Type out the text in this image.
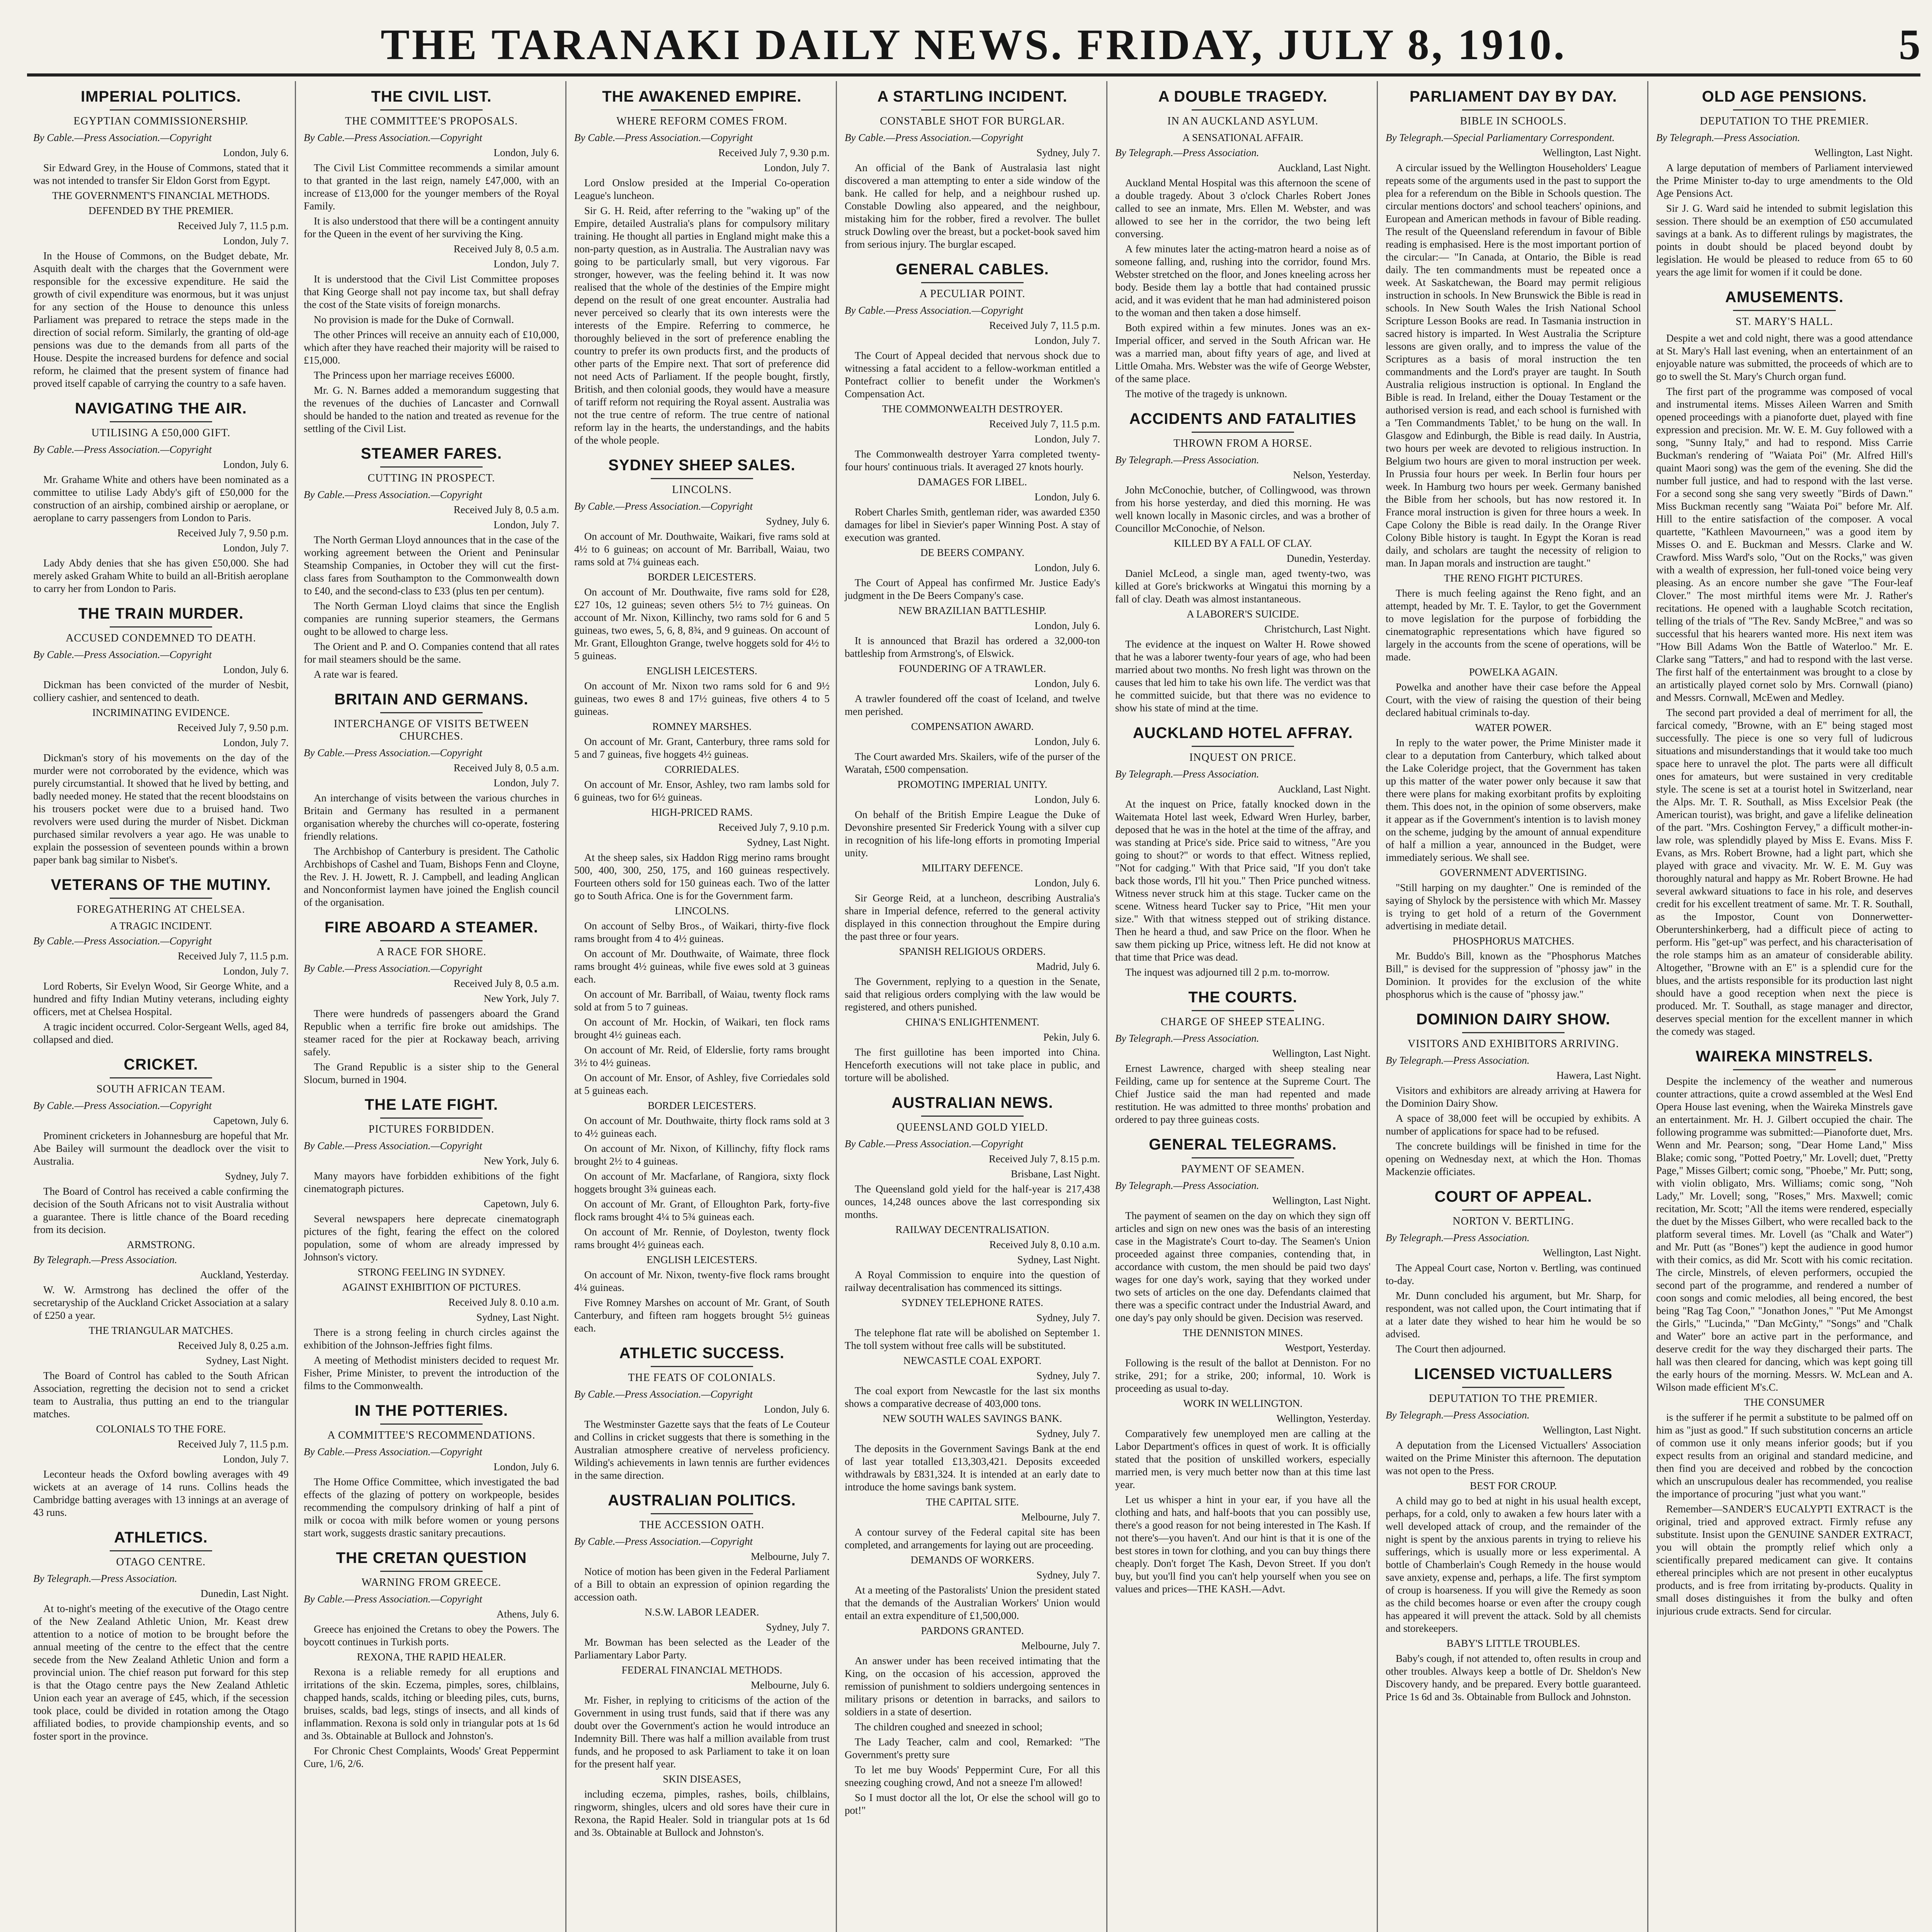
THE TARANAKI DAILY NEWS. FRIDAY, JULY 8, 1910.	5
IMPERIAL POLITICS.
EGYPTIAN COMMISSIONERSHIP.

By Cable.—Press Association.—Copyright

London, July 6.

Sir Edward Grey, in the House of Commons, stated that it was not intended to transfer Sir Eldon Gorst from Egypt.

THE GOVERNMENT'S FINANCIAL METHODS.

DEFENDED BY THE PREMIER.

Received July 7, 11.5 p.m.

London, July 7.

In the House of Commons, on the Budget debate, Mr. Asquith dealt with the charges that the Government were responsible for the excessive expenditure. He said the growth of civil expenditure was enormous, but it was unjust for any section of the House to denounce this unless Parliament was prepared to retrace the steps made in the direction of social reform. Similarly, the granting of old-age pensions was due to the demands from all parts of the House. Despite the increased burdens for defence and social reform, he claimed that the present system of finance had proved itself capable of carrying the country to a safe haven.

NAVIGATING THE AIR.
UTILISING A £50,000 GIFT.

By Cable.—Press Association.—Copyright

London, July 6.

Mr. Grahame White and others have been nominated as a committee to utilise Lady Abdy's gift of £50,000 for the construction of an airship, combined airship or aeroplane, or aeroplane to carry passengers from London to Paris.

Received July 7, 9.50 p.m.

London, July 7.

Lady Abdy denies that she has given £50,000. She had merely asked Graham White to build an all-British aeroplane to carry her from London to Paris.

THE TRAIN MURDER.
ACCUSED CONDEMNED TO DEATH.

By Cable.—Press Association.—Copyright

London, July 6.

Dickman has been convicted of the murder of Nesbit, colliery cashier, and sentenced to death.

INCRIMINATING EVIDENCE.

Received July 7, 9.50 p.m.

London, July 7.

Dickman's story of his movements on the day of the murder were not corroborated by the evidence, which was purely circumstantial. It showed that he lived by betting, and badly needed money. He stated that the recent bloodstains on his trousers pocket were due to a bruised hand. Two revolvers were used during the murder of Nisbet. Dickman purchased similar revolvers a year ago. He was unable to explain the possession of seventeen pounds within a brown paper bank bag similar to Nisbet's.

VETERANS OF THE MUTINY.
FOREGATHERING AT CHELSEA.

A TRAGIC INCIDENT.

By Cable.—Press Association.—Copyright

Received July 7, 11.5 p.m.

London, July 7.

Lord Roberts, Sir Evelyn Wood, Sir George White, and a hundred and fifty Indian Mutiny veterans, including eighty officers, met at Chelsea Hospital.

A tragic incident occurred. Color-Sergeant Wells, aged 84, collapsed and died.

CRICKET.
SOUTH AFRICAN TEAM.

By Cable.—Press Association.—Copyright

Capetown, July 6.

Prominent cricketers in Johannesburg are hopeful that Mr. Abe Bailey will surmount the deadlock over the visit to Australia.

Sydney, July 7.

The Board of Control has received a cable confirming the decision of the South Africans not to visit Australia without a guarantee. There is little chance of the Board receding from its decision.

ARMSTRONG.

By Telegraph.—Press Association.

Auckland, Yesterday.

W. W. Armstrong has declined the offer of the secretaryship of the Auckland Cricket Association at a salary of £250 a year.

THE TRIANGULAR MATCHES.

Received July 8, 0.25 a.m.

Sydney, Last Night.

The Board of Control has cabled to the South African Association, regretting the decision not to send a cricket team to Australia, thus putting an end to the triangular matches.

COLONIALS TO THE FORE.

Received July 7, 11.5 p.m.

London, July 7.

Leconteur heads the Oxford bowling averages with 49 wickets at an average of 14 runs. Collins heads the Cambridge batting averages with 13 innings at an average of 43 runs.

ATHLETICS.
OTAGO CENTRE.

By Telegraph.—Press Association.

Dunedin, Last Night.

At to-night's meeting of the executive of the Otago centre of the New Zealand Athletic Union, Mr. Keast drew attention to a notice of motion to be brought before the annual meeting of the centre to the effect that the centre secede from the New Zealand Athletic Union and form a provincial union. The chief reason put forward for this step is that the Otago centre pays the New Zealand Athletic Union each year an average of £45, which, if the secession took place, could be divided in rotation among the Otago affiliated bodies, to provide championship events, and so foster sport in the province.

THE CIVIL LIST.
THE COMMITTEE'S PROPOSALS.

By Cable.—Press Association.—Copyright

London, July 6.

The Civil List Committee recommends a similar amount to that granted in the last reign, namely £47,000, with an increase of £13,000 for the younger members of the Royal Family.

It is also understood that there will be a contingent annuity for the Queen in the event of her surviving the King.

Received July 8, 0.5 a.m.

London, July 7.

It is understood that the Civil List Committee proposes that King George shall not pay income tax, but shall defray the cost of the State visits of foreign monarchs.

No provision is made for the Duke of Cornwall.

The other Princes will receive an annuity each of £10,000, which after they have reached their majority will be raised to £15,000.

The Princess upon her marriage receives £6000.

Mr. G. N. Barnes added a memorandum suggesting that the revenues of the duchies of Lancaster and Cornwall should be handed to the nation and treated as revenue for the settling of the Civil List.

STEAMER FARES.
CUTTING IN PROSPECT.

By Cable.—Press Association.—Copyright

Received July 8, 0.5 a.m.

London, July 7.

The North German Lloyd announces that in the case of the working agreement between the Orient and Peninsular Steamship Companies, in October they will cut the first-class fares from Southampton to the Commonwealth down to £40, and the second-class to £33 (plus ten per centum).

The North German Lloyd claims that since the English companies are running superior steamers, the Germans ought to be allowed to charge less.

The Orient and P. and O. Companies contend that all rates for mail steamers should be the same.

A rate war is feared.

BRITAIN AND GERMANS.
INTERCHANGE OF VISITS BETWEEN CHURCHES.

By Cable.—Press Association.—Copyright

Received July 8, 0.5 a.m.

London, July 7.

An interchange of visits between the various churches in Britain and Germany has resulted in a permanent organisation whereby the churches will co-operate, fostering friendly relations.

The Archbishop of Canterbury is president. The Catholic Archbishops of Cashel and Tuam, Bishops Fenn and Cloyne, the Rev. J. H. Jowett, R. J. Campbell, and leading Anglican and Nonconformist laymen have joined the English council of the organisation.

FIRE ABOARD A STEAMER.
A RACE FOR SHORE.

By Cable.—Press Association.—Copyright

Received July 8, 0.5 a.m.

New York, July 7.

There were hundreds of passengers aboard the Grand Republic when a terrific fire broke out amidships. The steamer raced for the pier at Rockaway beach, arriving safely.

The Grand Republic is a sister ship to the General Slocum, burned in 1904.

THE LATE FIGHT.
PICTURES FORBIDDEN.

By Cable.—Press Association.—Copyright

New York, July 6.

Many mayors have forbidden exhibitions of the fight cinematograph pictures.

Capetown, July 6.

Several newspapers here deprecate cinematograph pictures of the fight, fearing the effect on the colored population, some of whom are already impressed by Johnson's victory.

STRONG FEELING IN SYDNEY.

AGAINST EXHIBITION OF PICTURES.

Received July 8. 0.10 a.m.

Sydney, Last Night.

There is a strong feeling in church circles against the exhibition of the Johnson-Jeffries fight films.

A meeting of Methodist ministers decided to request Mr. Fisher, Prime Minister, to prevent the introduction of the films to the Commonwealth.

IN THE POTTERIES.
A COMMITTEE'S RECOMMENDATIONS.

By Cable.—Press Association.—Copyright

London, July 6.

The Home Office Committee, which investigated the bad effects of the glazing of pottery on workpeople, besides recommending the compulsory drinking of half a pint of milk or cocoa with milk before women or young persons start work, suggests drastic sanitary precautions.

THE CRETAN QUESTION
WARNING FROM GREECE.

By Cable.—Press Association.—Copyright

Athens, July 6.

Greece has enjoined the Cretans to obey the Powers. The boycott continues in Turkish ports.

REXONA, THE RAPID HEALER.

Rexona is a reliable remedy for all eruptions and irritations of the skin. Eczema, pimples, sores, chilblains, chapped hands, scalds, itching or bleeding piles, cuts, burns, bruises, scalds, bad legs, stings of insects, and all kinds of inflammation. Rexona is sold only in triangular pots at 1s 6d and 3s. Obtainable at Bullock and Johnston's.

For Chronic Chest Complaints, Woods' Great Peppermint Cure, 1/6, 2/6.

THE AWAKENED EMPIRE.
WHERE REFORM COMES FROM.

By Cable.—Press Association.—Copyright

Received July 7, 9.30 p.m.

London, July 7.

Lord Onslow presided at the Imperial Co-operation League's luncheon.

Sir G. H. Reid, after referring to the "waking up" of the Empire, detailed Australia's plans for compulsory military training. He thought all parties in England might make this a non-party question, as in Australia. The Australian navy was going to be particularly small, but very vigorous. Far stronger, however, was the feeling behind it. It was now realised that the whole of the destinies of the Empire might depend on the result of one great encounter. Australia had never perceived so clearly that its own interests were the interests of the Empire. Referring to commerce, he thoroughly believed in the sort of preference enabling the country to prefer its own products first, and the products of other parts of the Empire next. That sort of preference did not need Acts of Parliament. If the people bought, firstly, British, and then colonial goods, they would have a measure of tariff reform not requiring the Royal assent. Australia was not the true centre of reform. The true centre of national reform lay in the hearts, the understandings, and the habits of the whole people.

SYDNEY SHEEP SALES.
LINCOLNS.

By Cable.—Press Association.—Copyright

Sydney, July 6.

On account of Mr. Douthwaite, Waikari, five rams sold at 4½ to 6 guineas; on account of Mr. Barriball, Waiau, two rams sold at 7¼ guineas each.

BORDER LEICESTERS.

On account of Mr. Douthwaite, five rams sold for £28, £27 10s, 12 guineas; seven others 5½ to 7½ guineas. On account of Mr. Nixon, Killinchy, two rams sold for 6 and 5 guineas, two ewes, 5, 6, 8, 8¾, and 9 guineas. On account of Mr. Grant, Elloughton Grange, twelve hoggets sold for 4½ to 5 guineas.

ENGLISH LEICESTERS.

On account of Mr. Nixon two rams sold for 6 and 9½ guineas, two ewes 8 and 17½ guineas, five others 4 to 5 guineas.

ROMNEY MARSHES.

On account of Mr. Grant, Canterbury, three rams sold for 5 and 7 guineas, five hoggets 4½ guineas.

CORRIEDALES.

On account of Mr. Ensor, Ashley, two ram lambs sold for 6 guineas, two for 6½ guineas.

HIGH-PRICED RAMS.

Received July 7, 9.10 p.m.

Sydney, Last Night.

At the sheep sales, six Haddon Rigg merino rams brought 500, 400, 300, 250, 175, and 160 guineas respectively. Fourteen others sold for 150 guineas each. Two of the latter go to South Africa. One is for the Government farm.

LINCOLNS.

On account of Selby Bros., of Waikari, thirty-five flock rams brought from 4 to 4½ guineas.

On account of Mr. Douthwaite, of Waimate, three flock rams brought 4½ guineas, while five ewes sold at 3 guineas each.

On account of Mr. Barriball, of Waiau, twenty flock rams sold at from 5 to 7 guineas.

On account of Mr. Hockin, of Waikari, ten flock rams brought 4½ guineas each.

On account of Mr. Reid, of Elderslie, forty rams brought 3½ to 4½ guineas.

On account of Mr. Ensor, of Ashley, five Corriedales sold at 5 guineas each.

BORDER LEICESTERS.

On account of Mr. Douthwaite, thirty flock rams sold at 3 to 4½ guineas each.

On account of Mr. Nixon, of Killinchy, fifty flock rams brought 2½ to 4 guineas.

On account of Mr. Macfarlane, of Rangiora, sixty flock hoggets brought 3¾ guineas each.

On account of Mr. Grant, of Elloughton Park, forty-five flock rams brought 4¼ to 5¾ guineas each.

On account of Mr. Rennie, of Doyleston, twenty flock rams brought 4½ guineas each.

ENGLISH LEICESTERS.

On account of Mr. Nixon, twenty-five flock rams brought 4¼ guineas.

Five Romney Marshes on account of Mr. Grant, of South Canterbury, and fifteen ram hoggets brought 5½ guineas each.

ATHLETIC SUCCESS.
THE FEATS OF COLONIALS.

By Cable.—Press Association.—Copyright

London, July 6.

The Westminster Gazette says that the feats of Le Couteur and Collins in cricket suggests that there is something in the Australian atmosphere creative of nerveless proficiency. Wilding's achievements in lawn tennis are further evidences in the same direction.

AUSTRALIAN POLITICS.
THE ACCESSION OATH.

By Cable.—Press Association.—Copyright

Melbourne, July 7.

Notice of motion has been given in the Federal Parliament of a Bill to obtain an expression of opinion regarding the accession oath.

N.S.W. LABOR LEADER.

Sydney, July 7.

Mr. Bowman has been selected as the Leader of the Parliamentary Labor Party.

FEDERAL FINANCIAL METHODS.

Melbourne, July 6.

Mr. Fisher, in replying to criticisms of the action of the Government in using trust funds, said that if there was any doubt over the Government's action he would introduce an Indemnity Bill. There was half a million available from trust funds, and he proposed to ask Parliament to take it on loan for the present half year.

SKIN DISEASES,

including eczema, pimples, rashes, boils, chilblains, ringworm, shingles, ulcers and old sores have their cure in Rexona, the Rapid Healer. Sold in triangular pots at 1s 6d and 3s. Obtainable at Bullock and Johnston's.

A STARTLING INCIDENT.
CONSTABLE SHOT FOR BURGLAR.

By Cable.—Press Association.—Copyright

Sydney, July 7.

An official of the Bank of Australasia last night discovered a man attempting to enter a side window of the bank. He called for help, and a neighbour rushed up. Constable Dowling also appeared, and the neighbour, mistaking him for the robber, fired a revolver. The bullet struck Dowling over the breast, but a pocket-book saved him from serious injury. The burglar escaped.

GENERAL CABLES.
A PECULIAR POINT.

By Cable.—Press Association.—Copyright

Received July 7, 11.5 p.m.

London, July 7.

The Court of Appeal decided that nervous shock due to witnessing a fatal accident to a fellow-workman entitled a Pontefract collier to benefit under the Workmen's Compensation Act.

THE COMMONWEALTH DESTROYER.

Received July 7, 11.5 p.m.

London, July 7.

The Commonwealth destroyer Yarra completed twenty-four hours' continuous trials. It averaged 27 knots hourly.

DAMAGES FOR LIBEL.

London, July 6.

Robert Charles Smith, gentleman rider, was awarded £350 damages for libel in Sievier's paper Winning Post. A stay of execution was granted.

DE BEERS COMPANY.

London, July 6.

The Court of Appeal has confirmed Mr. Justice Eady's judgment in the De Beers Company's case.

NEW BRAZILIAN BATTLESHIP.

London, July 6.

It is announced that Brazil has ordered a 32,000-ton battleship from Armstrong's, of Elswick.

FOUNDERING OF A TRAWLER.

London, July 6.

A trawler foundered off the coast of Iceland, and twelve men perished.

COMPENSATION AWARD.

London, July 6.

The Court awarded Mrs. Skailers, wife of the purser of the Waratah, £500 compensation.

PROMOTING IMPERIAL UNITY.

London, July 6.

On behalf of the British Empire League the Duke of Devonshire presented Sir Frederick Young with a silver cup in recognition of his life-long efforts in promoting Imperial unity.

MILITARY DEFENCE.

London, July 6.

Sir George Reid, at a luncheon, describing Australia's share in Imperial defence, referred to the general activity displayed in this connection throughout the Empire during the past three or four years.

SPANISH RELIGIOUS ORDERS.

Madrid, July 6.

The Government, replying to a question in the Senate, said that religious orders complying with the law would be registered, and others punished.

CHINA'S ENLIGHTENMENT.

Pekin, July 6.

The first guillotine has been imported into China. Henceforth executions will not take place in public, and torture will be abolished.

AUSTRALIAN NEWS.
QUEENSLAND GOLD YIELD.

By Cable.—Press Association.—Copyright

Received July 7, 8.15 p.m.

Brisbane, Last Night.

The Queensland gold yield for the half-year is 217,438 ounces, 14,248 ounces above the last corresponding six months.

RAILWAY DECENTRALISATION.

Received July 8, 0.10 a.m.

Sydney, Last Night.

A Royal Commission to enquire into the question of railway decentralisation has commenced its sittings.

SYDNEY TELEPHONE RATES.

Sydney, July 7.

The telephone flat rate will be abolished on September 1. The toll system without free calls will be substituted.

NEWCASTLE COAL EXPORT.

Sydney, July 7.

The coal export from Newcastle for the last six months shows a comparative decrease of 403,000 tons.

NEW SOUTH WALES SAVINGS BANK.

Sydney, July 7.

The deposits in the Government Savings Bank at the end of last year totalled £13,303,421. Deposits exceeded withdrawals by £831,324. It is intended at an early date to introduce the home savings bank system.

THE CAPITAL SITE.

Melbourne, July 7.

A contour survey of the Federal capital site has been completed, and arrangements for laying out are proceeding.

DEMANDS OF WORKERS.

Sydney, July 7.

At a meeting of the Pastoralists' Union the president stated that the demands of the Australian Workers' Union would entail an extra expenditure of £1,500,000.

PARDONS GRANTED.

Melbourne, July 7.

An answer under has been received intimating that the King, on the occasion of his accession, approved the remission of punishment to soldiers undergoing sentences in military prisons or detention in barracks, and sailors to soldiers in a state of desertion.

The children coughed and sneezed in school;

The Lady Teacher, calm and cool, Remarked: "The Government's pretty sure

To let me buy Woods' Peppermint Cure, For all this sneezing coughing crowd, And not a sneeze I'm allowed!

So I must doctor all the lot, Or else the school will go to pot!"

A DOUBLE TRAGEDY.
IN AN AUCKLAND ASYLUM.

A SENSATIONAL AFFAIR.

By Telegraph.—Press Association.

Auckland, Last Night.

Auckland Mental Hospital was this afternoon the scene of a double tragedy. About 3 o'clock Charles Robert Jones called to see an inmate, Mrs. Ellen M. Webster, and was allowed to see her in the corridor, the two being left conversing.

A few minutes later the acting-matron heard a noise as of someone falling, and, rushing into the corridor, found Mrs. Webster stretched on the floor, and Jones kneeling across her body. Beside them lay a bottle that had contained prussic acid, and it was evident that he man had administered poison to the woman and then taken a dose himself.

Both expired within a few minutes. Jones was an ex-Imperial officer, and served in the South African war. He was a married man, about fifty years of age, and lived at Little Omaha. Mrs. Webster was the wife of George Webster, of the same place.

The motive of the tragedy is unknown.

ACCIDENTS AND FATALITIES
THROWN FROM A HORSE.

By Telegraph.—Press Association.

Nelson, Yesterday.

John McConochie, butcher, of Collingwood, was thrown from his horse yesterday, and died this morning. He was well known locally in Masonic circles, and was a brother of Councillor McConochie, of Nelson.

KILLED BY A FALL OF CLAY.

Dunedin, Yesterday.

Daniel McLeod, a single man, aged twenty-two, was killed at Gore's brickworks at Wingatui this morning by a fall of clay. Death was almost instantaneous.

A LABORER'S SUICIDE.

Christchurch, Last Night.

The evidence at the inquest on Walter H. Rowe showed that he was a laborer twenty-four years of age, who had been married about two months. No fresh light was thrown on the causes that led him to take his own life. The verdict was that he committed suicide, but that there was no evidence to show his state of mind at the time.

AUCKLAND HOTEL AFFRAY.
INQUEST ON PRICE.

By Telegraph.—Press Association.

Auckland, Last Night.

At the inquest on Price, fatally knocked down in the Waitemata Hotel last week, Edward Wren Hurley, barber, deposed that he was in the hotel at the time of the affray, and was standing at Price's side. Price said to witness, "Are you going to shout?" or words to that effect. Witness replied, "Not for cadging." With that Price said, "If you don't take back those words, I'll hit you." Then Price punched witness. Witness never struck him at this stage. Tucker came on the scene. Witness heard Tucker say to Price, "Hit men your size." With that witness stepped out of striking distance. Then he heard a thud, and saw Price on the floor. When he saw them picking up Price, witness left. He did not know at that time that Price was dead.

The inquest was adjourned till 2 p.m. to-morrow.

THE COURTS.
CHARGE OF SHEEP STEALING.

By Telegraph.—Press Association.

Wellington, Last Night.

Ernest Lawrence, charged with sheep stealing near Feilding, came up for sentence at the Supreme Court. The Chief Justice said the man had repented and made restitution. He was admitted to three months' probation and ordered to pay three guineas costs.

GENERAL TELEGRAMS.
PAYMENT OF SEAMEN.

By Telegraph.—Press Association.

Wellington, Last Night.

The payment of seamen on the day on which they sign off articles and sign on new ones was the basis of an interesting case in the Magistrate's Court to-day. The Seamen's Union proceeded against three companies, contending that, in accordance with custom, the men should be paid two days' wages for one day's work, saying that they worked under two sets of articles on the one day. Defendants claimed that there was a specific contract under the Industrial Award, and one day's pay only should be given. Decision was reserved.

THE DENNISTON MINES.

Westport, Yesterday.

Following is the result of the ballot at Denniston. For no strike, 291; for a strike, 200; informal, 10. Work is proceeding as usual to-day.

WORK IN WELLINGTON.

Wellington, Yesterday.

Comparatively few unemployed men are calling at the Labor Department's offices in quest of work. It is officially stated that the position of unskilled workers, especially married men, is very much better now than at this time last year.

Let us whisper a hint in your ear, if you have all the clothing and hats, and half-boots that you can possibly use, there's a good reason for not being interested in The Kash. If not there's—you haven't. And our hint is that it is one of the best stores in town for clothing, and you can buy things there cheaply. Don't forget The Kash, Devon Street. If you don't buy, but you'll find you can't help yourself when you see on values and prices—THE KASH.—Advt.

PARLIAMENT DAY BY DAY.
BIBLE IN SCHOOLS.

By Telegraph.—Special Parliamentary Correspondent.

Wellington, Last Night.

A circular issued by the Wellington Householders' League repeats some of the arguments used in the past to support the plea for a referendum on the Bible in Schools question. The circular mentions doctors' and school teachers' opinions, and European and American methods in favour of Bible reading. The result of the Queensland referendum in favour of Bible reading is emphasised. Here is the most important portion of the circular:— "In Canada, at Ontario, the Bible is read daily. The ten commandments must be repeated once a week. At Saskatchewan, the Board may permit religious instruction in schools. In New Brunswick the Bible is read in schools. In New South Wales the Irish National School Scripture Lesson Books are read. In Tasmania instruction in sacred history is imparted. In West Australia the Scripture lessons are given orally, and to impress the value of the Scriptures as a basis of moral instruction the ten commandments and the Lord's prayer are taught. In South Australia religious instruction is optional. In England the Bible is read. In Ireland, either the Douay Testament or the authorised version is read, and each school is furnished with a 'Ten Commandments Tablet,' to be hung on the wall. In Glasgow and Edinburgh, the Bible is read daily. In Austria, two hours per week are devoted to religious instruction. In Belgium two hours are given to moral instruction per week. In Prussia four hours per week. In Berlin four hours per week. In Hamburg two hours per week. Germany banished the Bible from her schools, but has now restored it. In France moral instruction is given for three hours a week. In Cape Colony the Bible is read daily. In the Orange River Colony Bible history is taught. In Egypt the Koran is read daily, and scholars are taught the necessity of religion to man. In Japan morals and instruction are taught."

THE RENO FIGHT PICTURES.

There is much feeling against the Reno fight, and an attempt, headed by Mr. T. E. Taylor, to get the Government to move legislation for the purpose of forbidding the cinematographic representations which have figured so largely in the accounts from the scene of operations, will be made.

POWELKA AGAIN.

Powelka and another have their case before the Appeal Court, with the view of raising the question of their being declared habitual criminals to-day.

WATER POWER.

In reply to the water power, the Prime Minister made it clear to a deputation from Canterbury, which talked about the Lake Coleridge project, that the Government has taken up this matter of the water power only because it saw that there were plans for making exorbitant profits by exploiting them. This does not, in the opinion of some observers, make it appear as if the Government's intention is to lavish money on the scheme, judging by the amount of annual expenditure of half a million a year, announced in the Budget, were immediately serious. We shall see.

GOVERNMENT ADVERTISING.

"Still harping on my daughter." One is reminded of the saying of Shylock by the persistence with which Mr. Massey is trying to get hold of a return of the Government advertising in mediate detail.

PHOSPHORUS MATCHES.

Mr. Buddo's Bill, known as the "Phosphorus Matches Bill," is devised for the suppression of "phossy jaw" in the Dominion. It provides for the exclusion of the white phosphorus which is the cause of "phossy jaw."

DOMINION DAIRY SHOW.
VISITORS AND EXHIBITORS ARRIVING.

By Telegraph.—Press Association.

Hawera, Last Night.

Visitors and exhibitors are already arriving at Hawera for the Dominion Dairy Show.

A space of 38,000 feet will be occupied by exhibits. A number of applications for space had to be refused.

The concrete buildings will be finished in time for the opening on Wednesday next, at which the Hon. Thomas Mackenzie officiates.

COURT OF APPEAL.
NORTON V. BERTLING.

By Telegraph.—Press Association.

Wellington, Last Night.

The Appeal Court case, Norton v. Bertling, was continued to-day.

Mr. Dunn concluded his argument, but Mr. Sharp, for respondent, was not called upon, the Court intimating that if at a later date they wished to hear him he would be so advised.

The Court then adjourned.

LICENSED VICTUALLERS
DEPUTATION TO THE PREMIER.

By Telegraph.—Press Association.

Wellington, Last Night.

A deputation from the Licensed Victuallers' Association waited on the Prime Minister this afternoon. The deputation was not open to the Press.

BEST FOR CROUP.

A child may go to bed at night in his usual health except, perhaps, for a cold, only to awaken a few hours later with a well developed attack of croup, and the remainder of the night is spent by the anxious parents in trying to relieve his sufferings, which is usually more or less experimental. A bottle of Chamberlain's Cough Remedy in the house would save anxiety, expense and, perhaps, a life. The first symptom of croup is hoarseness. If you will give the Remedy as soon as the child becomes hoarse or even after the croupy cough has appeared it will prevent the attack. Sold by all chemists and storekeepers.

BABY'S LITTLE TROUBLES.

Baby's cough, if not attended to, often results in croup and other troubles. Always keep a bottle of Dr. Sheldon's New Discovery handy, and be prepared. Every bottle guaranteed. Price 1s 6d and 3s. Obtainable from Bullock and Johnston.

OLD AGE PENSIONS.
DEPUTATION TO THE PREMIER.

By Telegraph.—Press Association.

Wellington, Last Night.

A large deputation of members of Parliament interviewed the Prime Minister to-day to urge amendments to the Old Age Pensions Act.

Sir J. G. Ward said he intended to submit legislation this session. There should be an exemption of £50 accumulated savings at a bank. As to different rulings by magistrates, the points in doubt should be placed beyond doubt by legislation. He would be pleased to reduce from 65 to 60 years the age limit for women if it could be done.

AMUSEMENTS.
ST. MARY'S HALL.

Despite a wet and cold night, there was a good attendance at St. Mary's Hall last evening, when an entertainment of an enjoyable nature was submitted, the proceeds of which are to go to swell the St. Mary's Church organ fund.

The first part of the programme was composed of vocal and instrumental items. Misses Aileen Warren and Smith opened proceedings with a pianoforte duet, played with fine expression and precision. Mr. W. E. M. Guy followed with a song, "Sunny Italy," and had to respond. Miss Carrie Buckman's rendering of "Waiata Poi" (Mr. Alfred Hill's quaint Maori song) was the gem of the evening. She did the number full justice, and had to respond with the last verse. For a second song she sang very sweetly "Birds of Dawn." Miss Buckman recently sang "Waiata Poi" before Mr. Alf. Hill to the entire satisfaction of the composer. A vocal quartette, "Kathleen Mavourneen," was a good item by Misses O. and E. Buckman and Messrs. Clarke and W. Crawford. Miss Ward's solo, "Out on the Rocks," was given with a wealth of expression, her full-toned voice being very pleasing. As an encore number she gave "The Four-leaf Clover." The most mirthful items were Mr. J. Rather's recitations. He opened with a laughable Scotch recitation, telling of the trials of "The Rev. Sandy McBree," and was so successful that his hearers wanted more. His next item was "How Bill Adams Won the Battle of Waterloo." Mr. E. Clarke sang "Tatters," and had to respond with the last verse. The first half of the entertainment was brought to a close by an artistically played cornet solo by Mrs. Cornwall (piano) and Messrs. Cornwall, McEwen and Medley.

The second part provided a deal of merriment for all, the farcical comedy, "Browne, with an E" being staged most successfully. The piece is one so very full of ludicrous situations and misunderstandings that it would take too much space here to unravel the plot. The parts were all difficult ones for amateurs, but were sustained in very creditable style. The scene is set at a tourist hotel in Switzerland, near the Alps. Mr. T. R. Southall, as Miss Excelsior Peak (the American tourist), was bright, and gave a lifelike delineation of the part. "Mrs. Coshington Fervey," a difficult mother-in-law role, was splendidly played by Miss E. Evans. Miss F. Evans, as Mrs. Robert Browne, had a light part, which she played with grace and vivacity. Mr. W. E. M. Guy was thoroughly natural and happy as Mr. Robert Browne. He had several awkward situations to face in his role, and deserves credit for his excellent treatment of same. Mr. T. R. Southall, as the Impostor, Count von Donnerwetter-Oberuntershinkerberg, had a difficult piece of acting to perform. His "get-up" was perfect, and his characterisation of the role stamps him as an amateur of considerable ability. Altogether, "Browne with an E" is a splendid cure for the blues, and the artists responsible for its production last night should have a good reception when next the piece is produced. Mr. T. Southall, as stage manager and director, deserves special mention for the excellent manner in which the comedy was staged.

WAIREKA MINSTRELS.

Despite the inclemency of the weather and numerous counter attractions, quite a crowd assembled at the Wesl End Opera House last evening, when the Waireka Minstrels gave an entertainment. Mr. H. J. Gilbert occupied the chair. The following programme was submitted:—Pianoforte duet, Mrs. Wenn and Mr. Pearson; song, "Dear Home Land," Miss Blake; comic song, "Potted Poetry," Mr. Lovell; duet, "Pretty Page," Misses Gilbert; comic song, "Phoebe," Mr. Putt; song, with violin obligato, Mrs. Williams; comic song, "Noh Lady," Mr. Lovell; song, "Roses," Mrs. Maxwell; comic recitation, Mr. Scott; "All the items were rendered, especially the duet by the Misses Gilbert, who were recalled back to the platform several times. Mr. Lovell (as "Chalk and Water") and Mr. Putt (as "Bones") kept the audience in good humor with their comics, as did Mr. Scott with his comic recitation. The circle, Minstrels, of eleven performers, occupied the second part of the programme, and rendered a number of coon songs and comic melodies, all being encored, the best being "Rag Tag Coon," "Jonathon Jones," "Put Me Amongst the Girls," "Lucinda," "Dan McGinty," "Songs" and "Chalk and Water" bore an active part in the performance, and deserve credit for the way they discharged their parts. The hall was then cleared for dancing, which was kept going till the early hours of the morning. Messrs. W. McLean and A. Wilson made efficient M's.C.

THE CONSUMER

is the sufferer if he permit a substitute to be palmed off on him as "just as good." If such substitution concerns an article of common use it only means inferior goods; but if you expect results from an original and standard medicine, and then find you are deceived and robbed by the concoction which an unscrupulous dealer has recommended, you realise the importance of procuring "just what you want."

Remember—SANDER'S EUCALYPTI EXTRACT is the original, tried and approved extract. Firmly refuse any substitute. Insist upon the GENUINE SANDER EXTRACT, you will obtain the promptly relief which only a scientifically prepared medicament can give. It contains ethereal principles which are not present in other eucalyptus products, and is free from irritating by-products. Quality in small doses distinguishes it from the bulky and often injurious crude extracts. Send for circular.
